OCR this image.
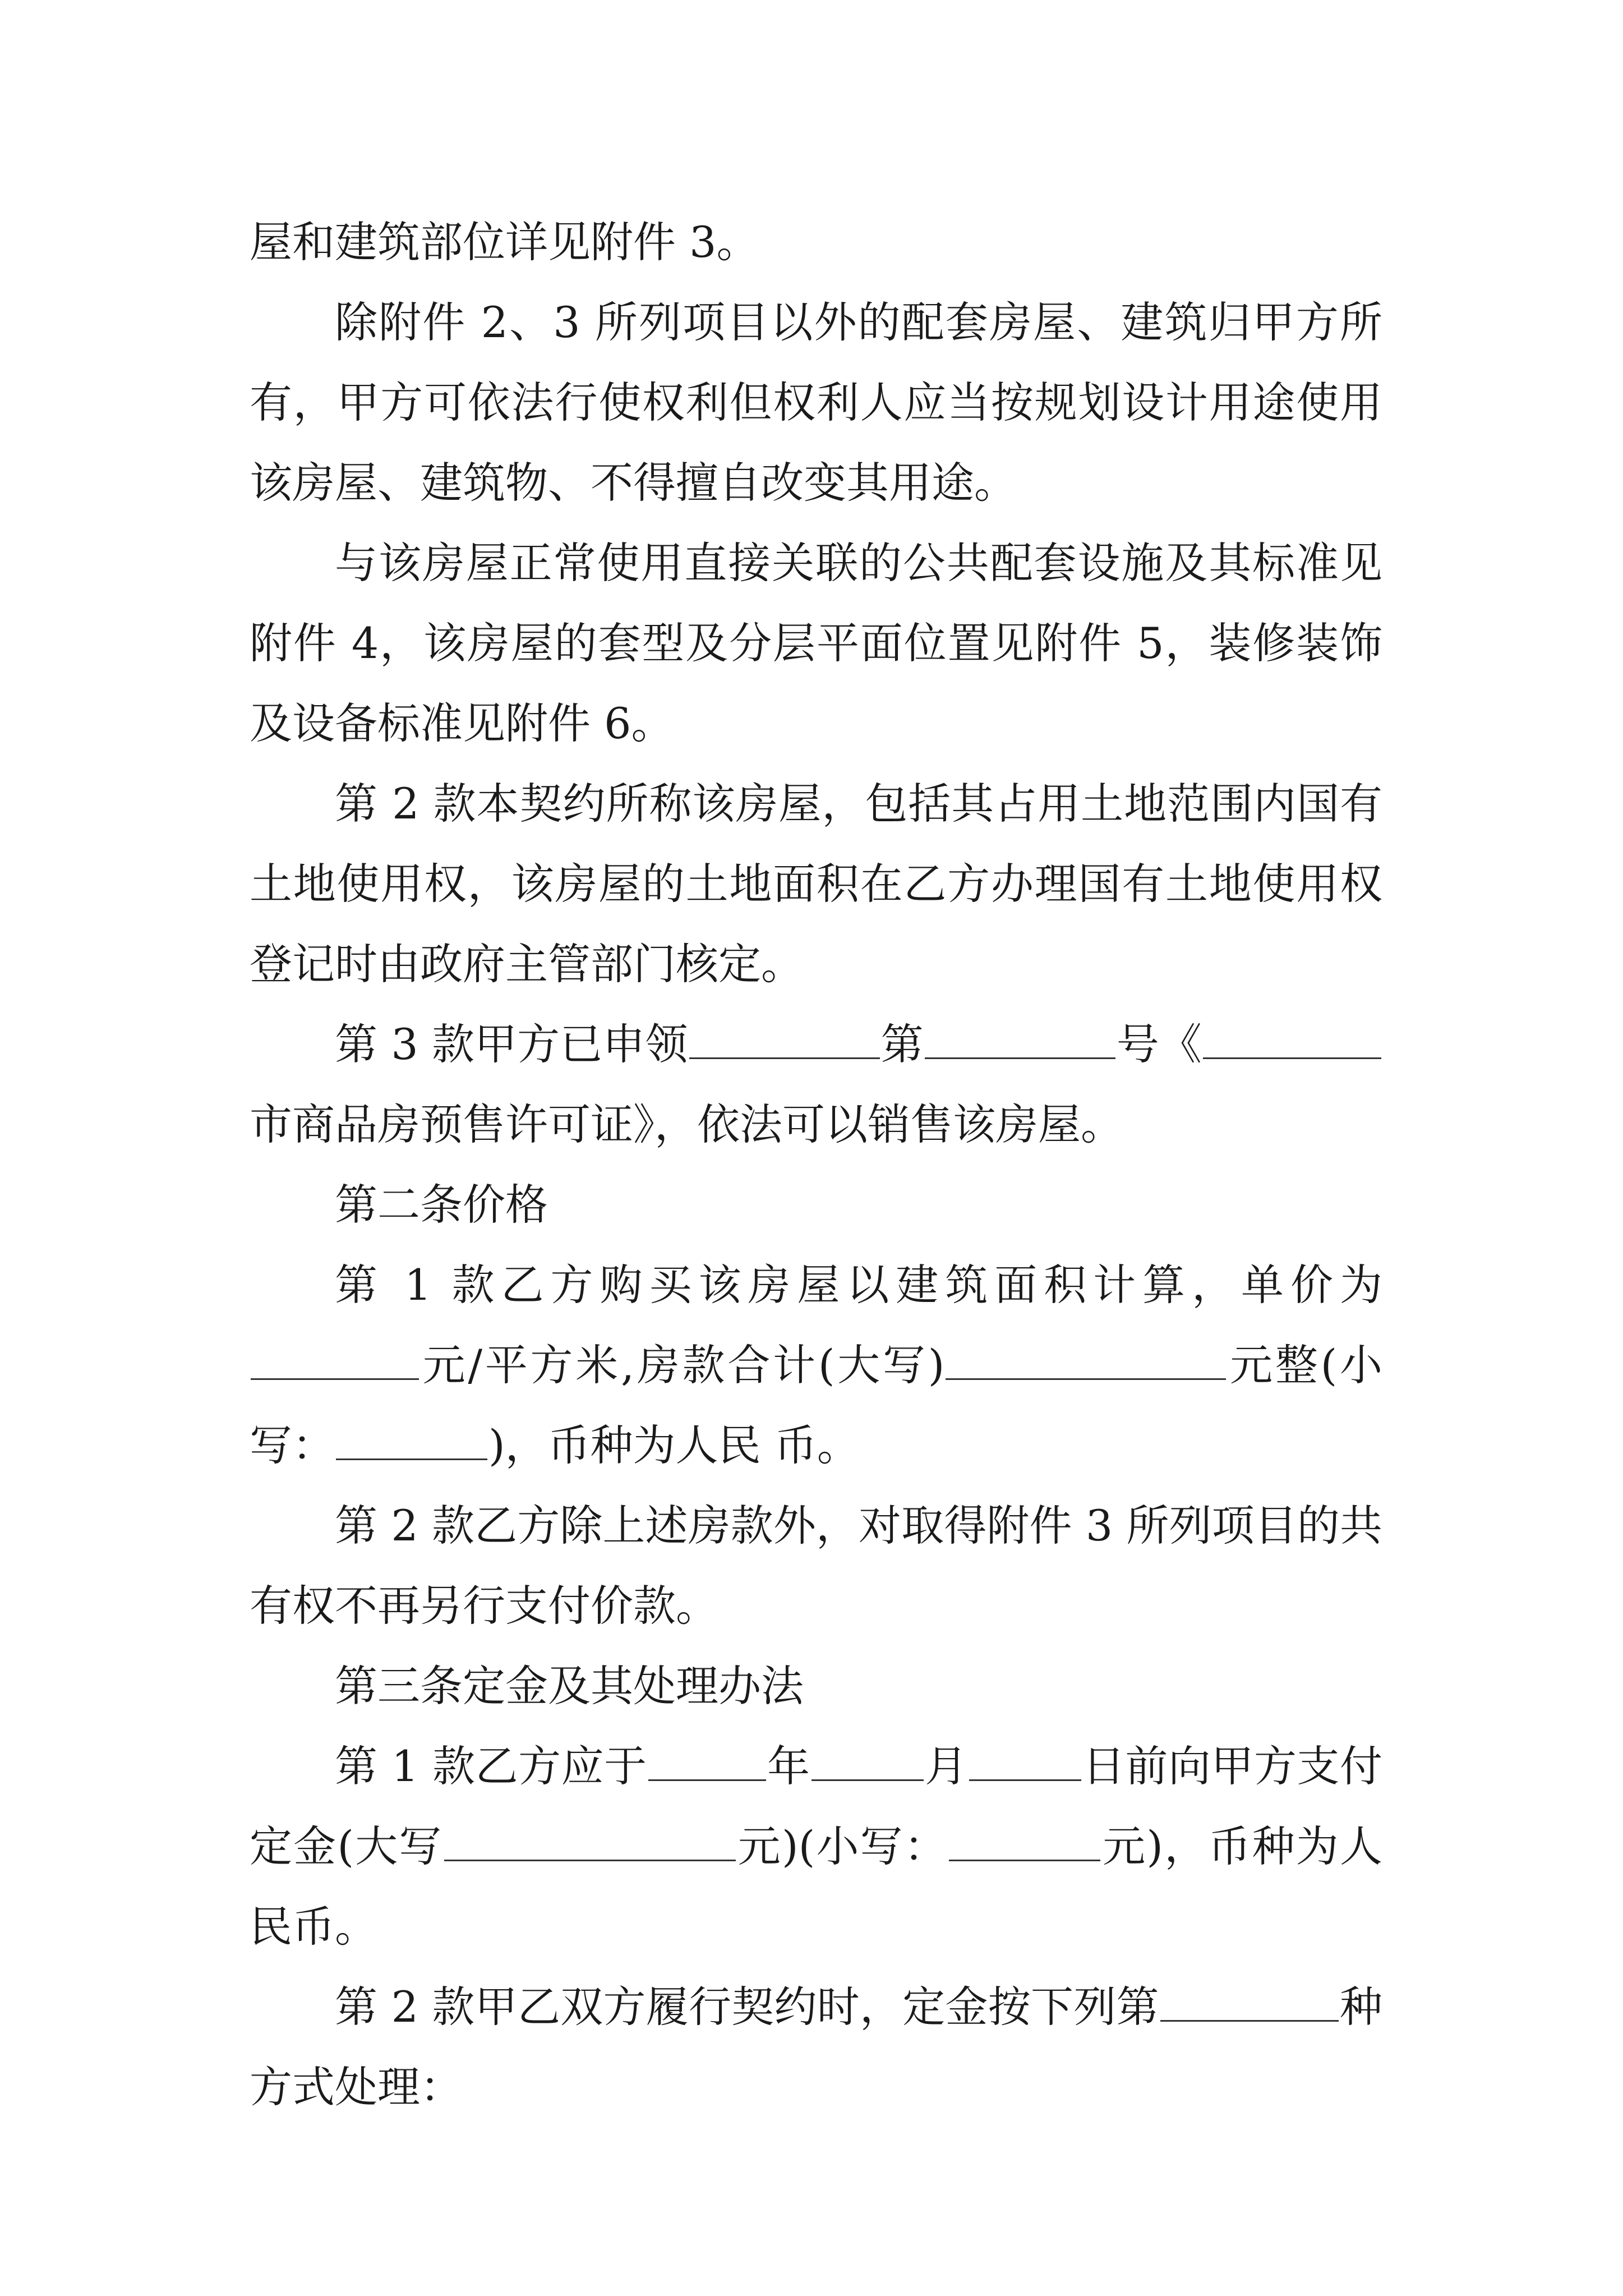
屋和建筑部位详见附件 3。

除附件 2、3 所列项目以外的配套房屋、建筑归甲方所有，甲方可依法行使权利但权利人应当按规划设计用途使用该房屋、建筑物、不得擅自改变其用途。

与该房屋正常使用直接关联的公共配套设施及其标准见附件 4，该房屋的套型及分层平面位置见附件 5，装修装饰及设备标准见附件 6。

第 2 款本契约所称该房屋，包括其占用土地范围内国有土地使用权，该房屋的土地面积在乙方办理国有土地使用权登记时由政府主管部门核定。

第 3 款甲方已申领	第	号《市商品房预售许可证》，依法可以销售该房屋。

第二条价格

第 1 款乙方购买该房屋以建筑面积计算，单价为元/平方米,房款合计(大写)	元整(小写：	)，币种为人民 币。

第 2 款乙方除上述房款外，对取得附件 3 所列项目的共有权不再另行支付价款。

第三条定金及其处理办法

第 1 款乙方应于	年	月	日前向甲方支付定金(大写	元)(小写：	元)，币种为人民币。

第 2 款甲乙双方履行契约时，定金按下列第	种方式处理：
